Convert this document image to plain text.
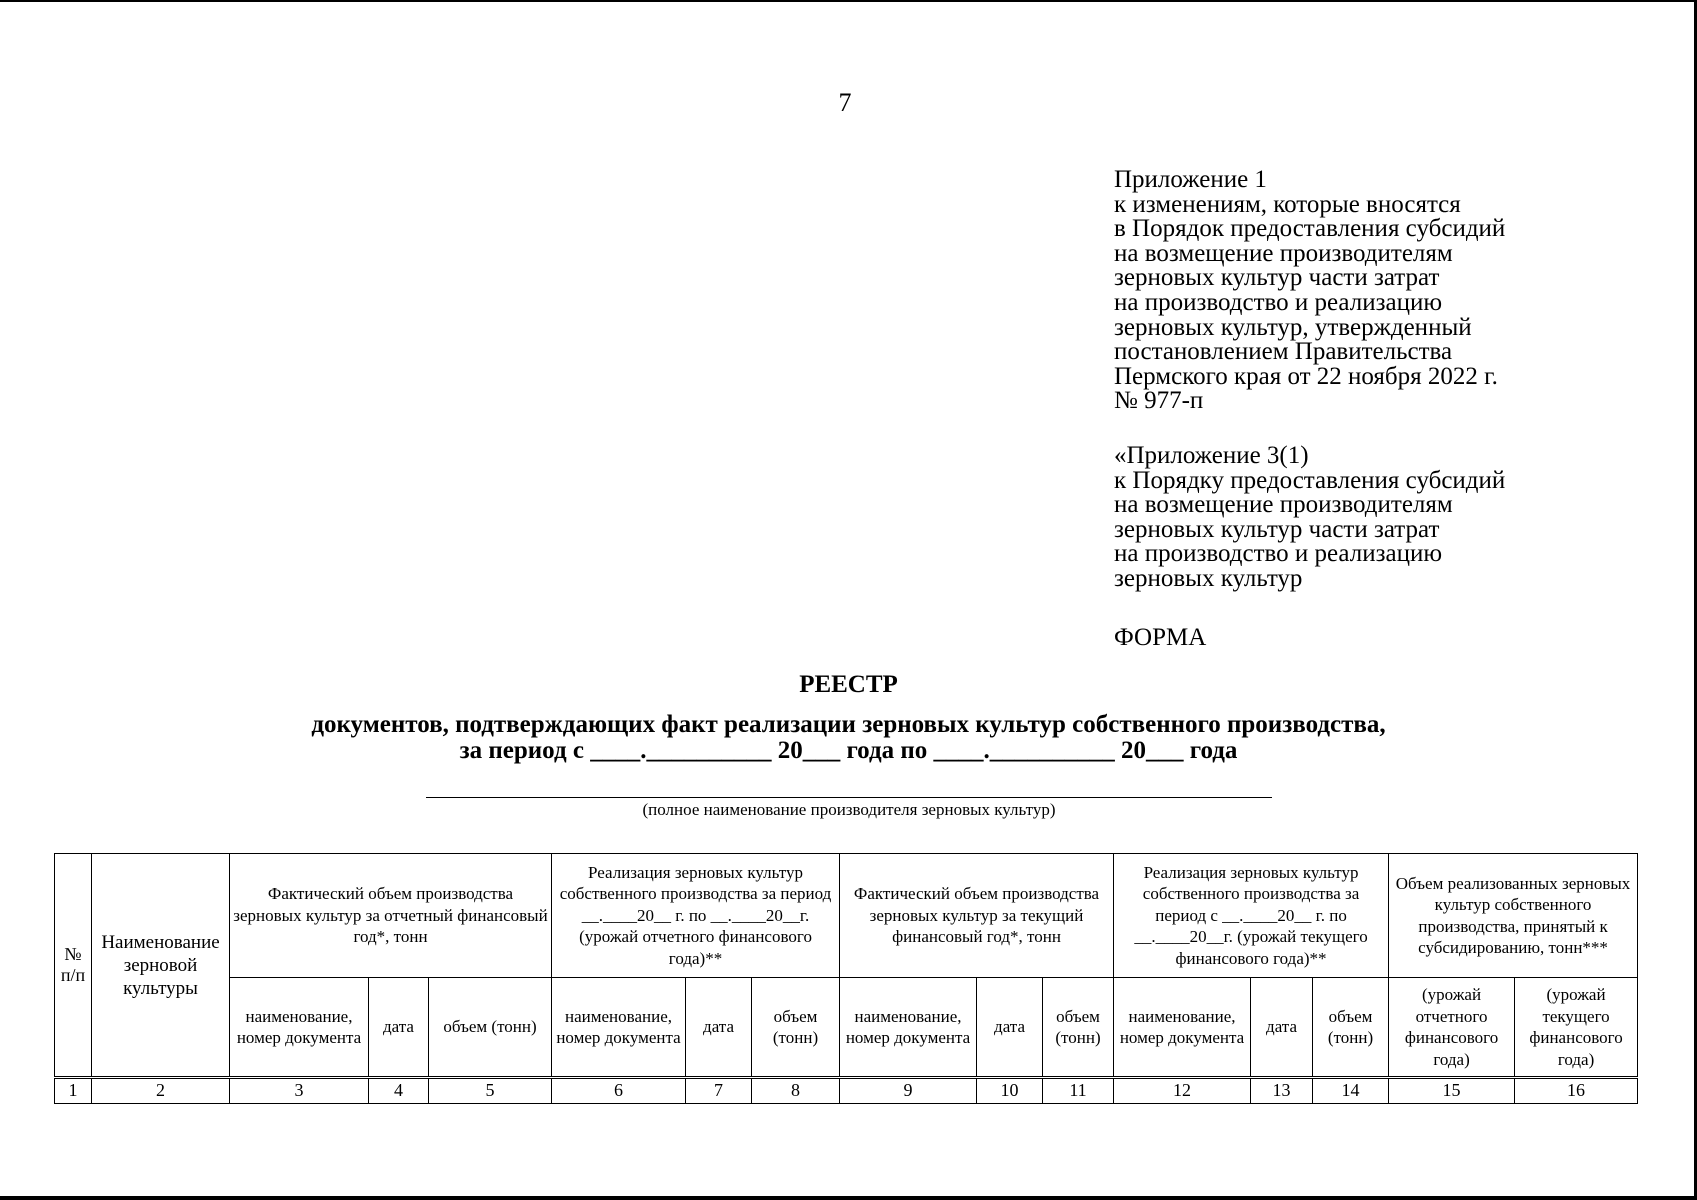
7
Приложение 1
к изменениям, которые вносятся
в Порядок предоставления субсидий
на возмещение производителям
зерновых культур части затрат
на производство и реализацию
зерновых культур, утвержденный
постановлением Правительства
Пермского края от 22 ноября 2022 г.
№ 977-п
«Приложение 3(1)
к Порядку предоставления субсидий
на возмещение производителям
зерновых культур части затрат
на производство и реализацию
зерновых культур
ФОРМА
РЕЕСТР
документов, подтверждающих факт реализации зерновых культур собственного производства,
за период с ____.__________ 20___ года по ____.__________ 20___ года
(полное наименование производителя зерновых культур)
№ п/п	Наименование зерновой культуры	Фактический объем производства зерновых культур за отчетный финансовый год*, тонн			Реализация зерновых культур собственного производства за период __.____20__ г. по __.____20__г. (урожай отчетного финансового года)**			Фактический объем производства зерновых культур за текущий финансовый год*, тонн			Реализация зерновых культур собственного производства за период с __.____20__ г. по __.____20__г. (урожай текущего финансового года)**			Объем реализованных зерновых культур собственного производства, принятый к субсидированию, тонн***	
		наименование, номер документа	дата	объем (тонн)	наименование, номер документа	дата	объем (тонн)	наименование, номер документа	дата	объем (тонн)	наименование, номер документа	дата	объем (тонн)	(урожай отчетного финансового года)	(урожай текущего финансового года)
1	2	3	4	5	6	7	8	9	10	11	12	13	14	15	16
